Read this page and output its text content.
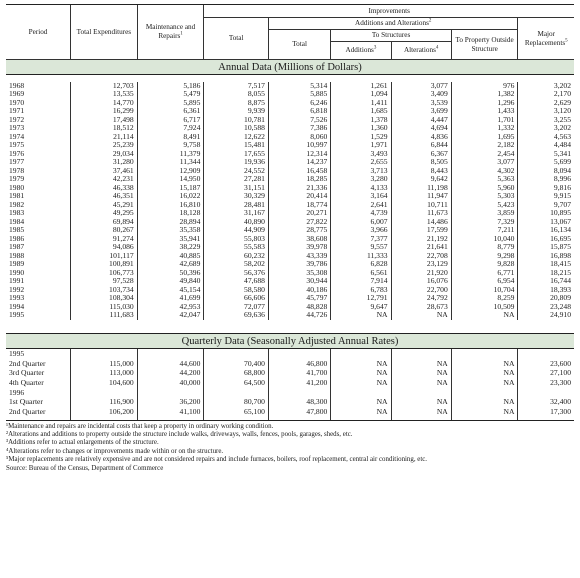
Period	Total Expenditures	Maintenance and Repairs$^1$	Improvements					
			Total	Additions and Alterations$^2$				Major Replacements$^5$
				Total	To Structures		To Property Outside Structure	
					Additions$^3$	Alterations$^4$
Annual Data (Millions of Dollars)								

1968	12,703	5,186	7,517	5,314	1,261	3,077	976	3,202
1969	13,535	5,479	8,055	5,885	1,094	3,409	1,382	2,170
1970	14,770	5,895	8,875	6,246	1,411	3,539	1,296	2,629
1971	16,299	6,361	9,939	6,818	1,685	3,699	1,433	3,120
1972	17,498	6,717	10,781	7,526	1,378	4,447	1,701	3,255
1973	18,512	7,924	10,588	7,386	1,360	4,694	1,332	3,202
1974	21,114	8,491	12,622	8,060	1,529	4,836	1,695	4,563
1975	25,239	9,758	15,481	10,997	1,971	6,844	2,182	4,484
1976	29,034	11,379	17,655	12,314	3,493	6,367	2,454	5,341
1977	31,280	11,344	19,936	14,237	2,655	8,505	3,077	5,699
1978	37,461	12,909	24,552	16,458	3,713	8,443	4,302	8,094
1979	42,231	14,950	27,281	18,285	3,280	9,642	5,363	8,996
1980	46,338	15,187	31,151	21,336	4,133	11,198	5,960	9,816
1981	46,351	16,022	30,329	20,414	3,164	11,947	5,303	9,915
1982	45,291	16,810	28,481	18,774	2,641	10,711	5,423	9,707
1983	49,295	18,128	31,167	20,271	4,739	11,673	3,859	10,895
1984	69,894	28,894	40,890	27,822	6,007	14,486	7,329	13,067
1985	80,267	35,358	44,909	28,775	3,966	17,599	7,211	16,134
1986	91,274	35,941	55,803	38,608	7,377	21,192	10,040	16,695
1987	94,086	38,229	55,583	39,978	9,557	21,641	8,779	15,875
1988	101,117	40,885	60,232	43,339	11,333	22,708	9,298	16,898
1989	100,891	42,689	58,202	39,786	6,828	23,129	9,828	18,415
1990	106,773	50,396	56,376	35,308	6,561	21,920	6,771	18,215
1991	97,528	49,840	47,688	30,944	7,914	16,076	6,954	16,744
1992	103,734	45,154	58,580	40,186	6,783	22,700	10,704	18,393
1993	108,304	41,699	66,606	45,797	12,791	24,792	8,259	20,809
1994	115,030	42,953	72,077	48,828	9,647	28,673	10,509	23,248
1995	111,683	42,047	69,636	44,726	NA	NA	NA	24,910

Quarterly Data (Seasonally Adjusted Annual Rates)								
1995								
2nd Quarter	115,000	44,600	70,400	46,800	NA	NA	NA	23,600
3rd Quarter	113,000	44,200	68,800	41,700	NA	NA	NA	27,100
4th Quarter	104,600	40,000	64,500	41,200	NA	NA	NA	23,300
1996								
1st Quarter	116,900	36,200	80,700	48,300	NA	NA	NA	32,400
2nd Quarter	106,200	41,100	65,100	47,800	NA	NA	NA	17,300

¹Maintenance and repairs are incidental costs that keep a property in ordinary working condition.
²Alterations and additions to property outside the structure include walks, driveways, walls, fences, pools, garages, sheds, etc.
³Additions refer to actual enlargements of the structure.
⁴Alterations refer to changes or improvements made within or on the structure.
⁵Major replacements are relatively expensive and are not considered repairs and include furnaces, boilers, roof replacement, central air conditioning, etc.
Source: Bureau of the Census, Department of Commerce
